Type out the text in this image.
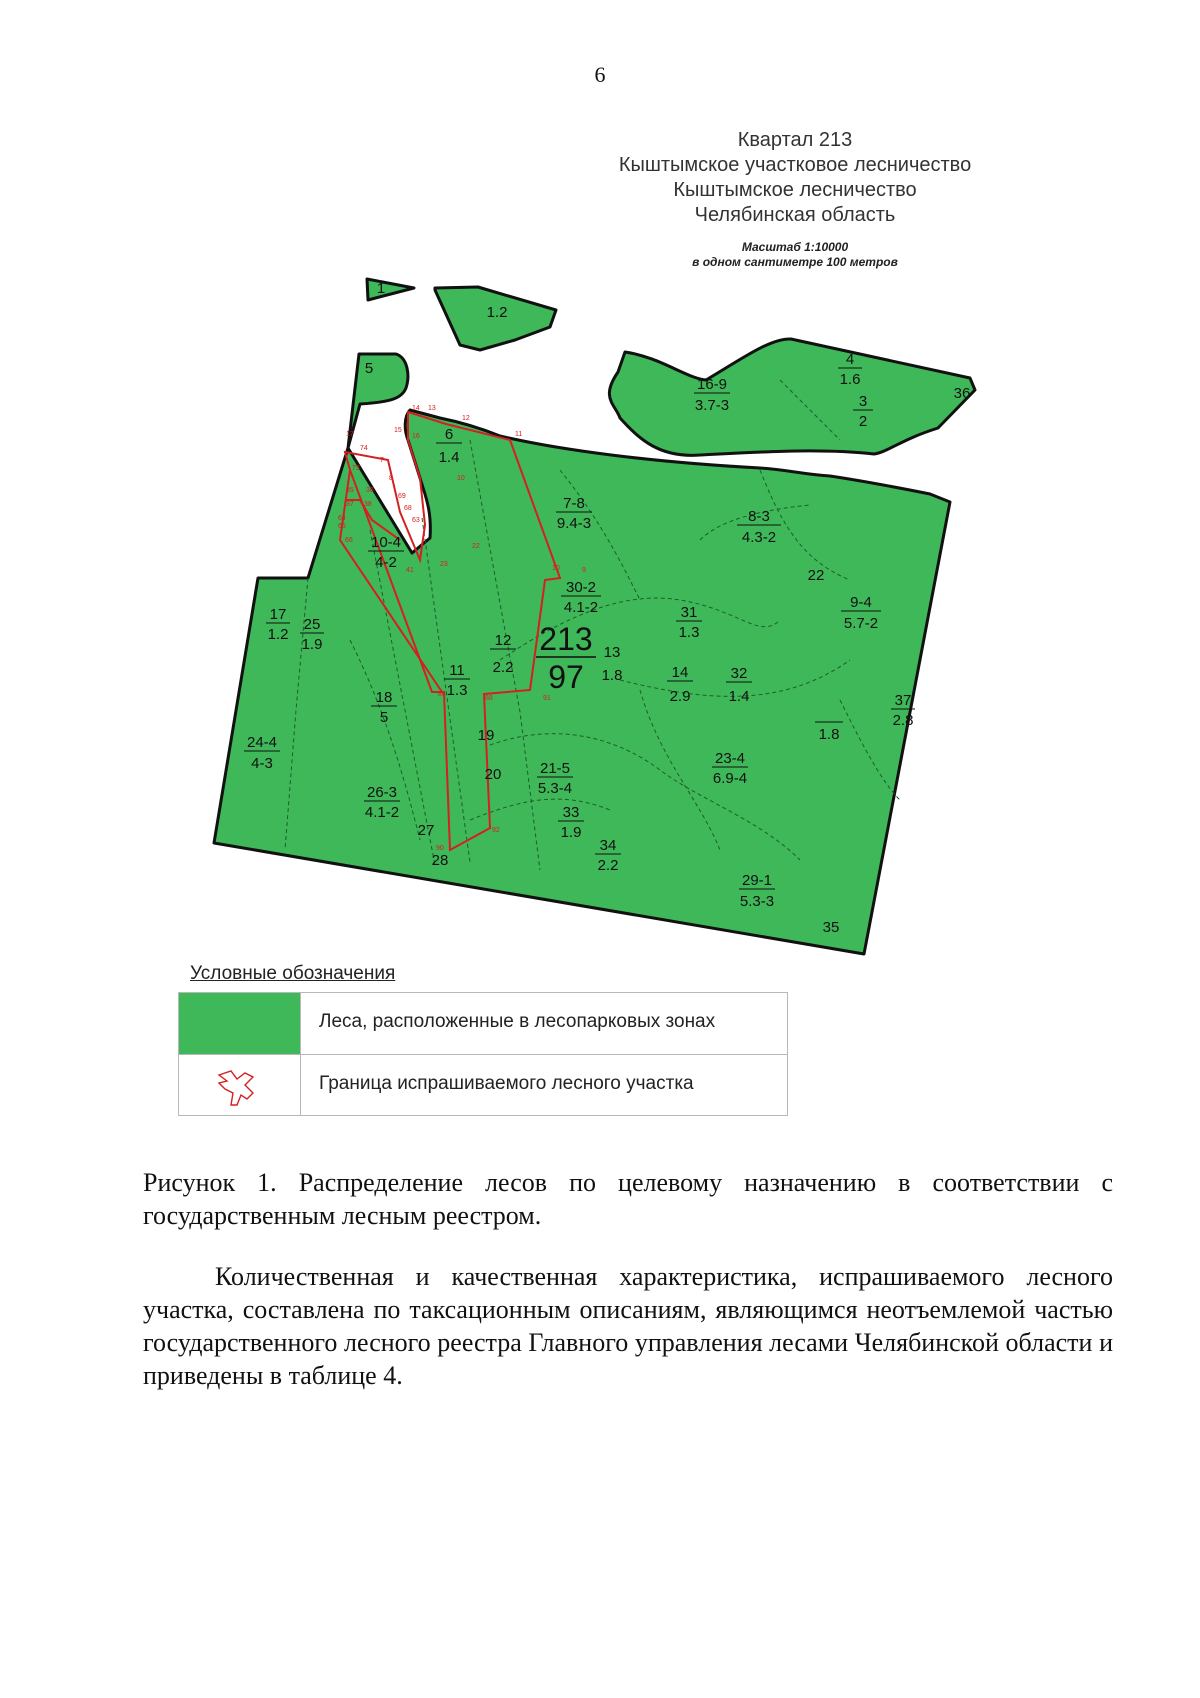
6
Квартал 213
Кыштымское участковое лесничество
Кыштымское лесничество
Челябинская область
Масштаб 1:10000
в одном сантиметре 100 метров
14 13
12
11
15
16
17
74
7
73
8	10
35 36
37 38
69
68
63
64
65
66
41
22
23
9
10
86
88	91
92
90
1
1.2
5
6
1.4
16-9
3.7-3
4
1.6
3
2
36
7-8
9.4-3	8-3
4.3-2
10-4
4-2
30-2
4.1-2
22
9-4
5.7-2
17
1.2
25
1.9
31
1.3
12
2.2
13
1.8
11
1.3
14
2.9
32
1.4
18
5
37
2.8
1.8
19
24-4
4-3
20	21-5
5.3-4
23-4
6.9-4
26-3
4.1-2	33
1.9
27
34
2.2
28
29-1
5.3-3
35
213
97
Условные обозначения
Леса, расположенные в лесопарковых зонах
Граница испрашиваемого лесного участка
Рисунок 1. Распределение лесов по целевому назначению в соответствии с государственным лесным реестром.
Количественная и качественная характеристика, испрашиваемого лесного участка, составлена по таксационным описаниям, являющимся неотъемлемой частью государственного лесного реестра Главного управления лесами Челябинской области и приведены в таблице 4.
